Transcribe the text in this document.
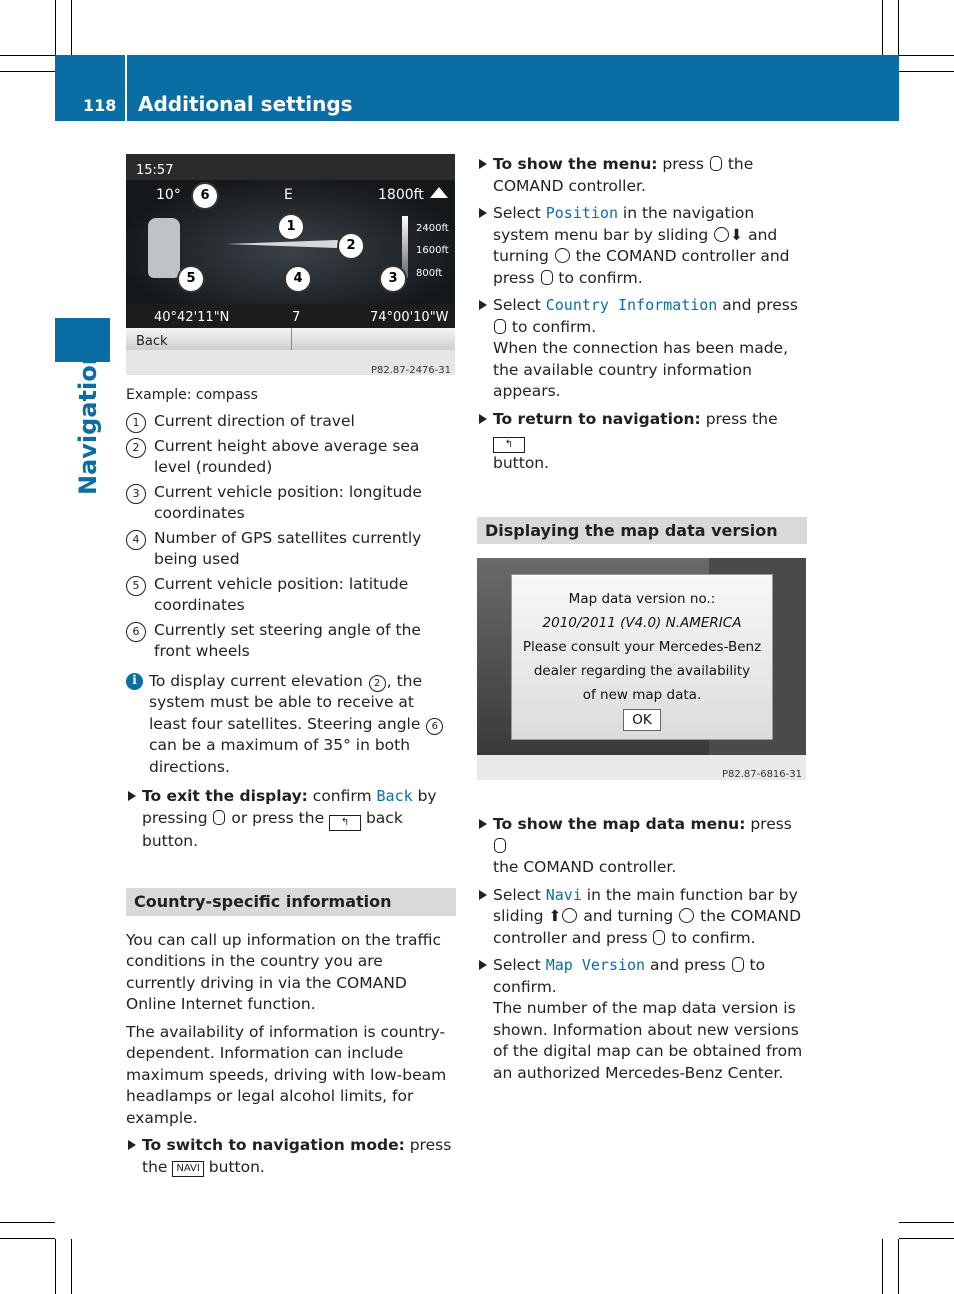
118 Additional settings
Navigation
15:57
10°	E	1800ft
2400ft
1600ft
800ft
1
2
3
4
5
6
40°42'11"N	7	74°00'10"W
Back
P82.87-2476-31
Example: compass
1 Current direction of travel
2 Current height above average sea level (rounded)
3 Current vehicle position: longitude coordinates
4 Number of GPS satellites currently being used
5 Current vehicle position: latitude coordinates
6 Currently set steering angle of the front wheels
i To display current elevation 2 , the system must be able to receive at least four satellites. Steering angle 6 can be a maximum of 35° in both directions.

To exit the display: confirm Back by pressing  or press the ↰ back button.

Country-specific information

You can call up information on the traffic conditions in the country you are currently driving in via the COMAND Online Internet function.

The availability of information is country-dependent. Information can include maximum speeds, driving with low-beam headlamps or legal alcohol limits, for example.

To switch to navigation mode: press the NAVI button.

To show the menu: press  the COMAND controller.

Select Position in the navigation system menu bar by sliding ⬇ and turning  the COMAND controller and press  to confirm.

Select Country Information and press
to confirm.
When the connection has been made, the available country information appears.

To return to navigation: press the ↰
button.

Displaying the map data version
Map data version no.:
2010/2011 (V4.0) N.AMERICA
Please consult your Mercedes-Benz
dealer regarding the availability
of new map data.
OK
P82.87-6816-31

To show the map data menu: press
the COMAND controller.

Select Navi in the main function bar by sliding ⬆ and turning  the COMAND controller and press  to confirm.

Select Map Version and press  to confirm.
The number of the map data version is shown. Information about new versions of the digital map can be obtained from an authorized Mercedes-Benz Center.
